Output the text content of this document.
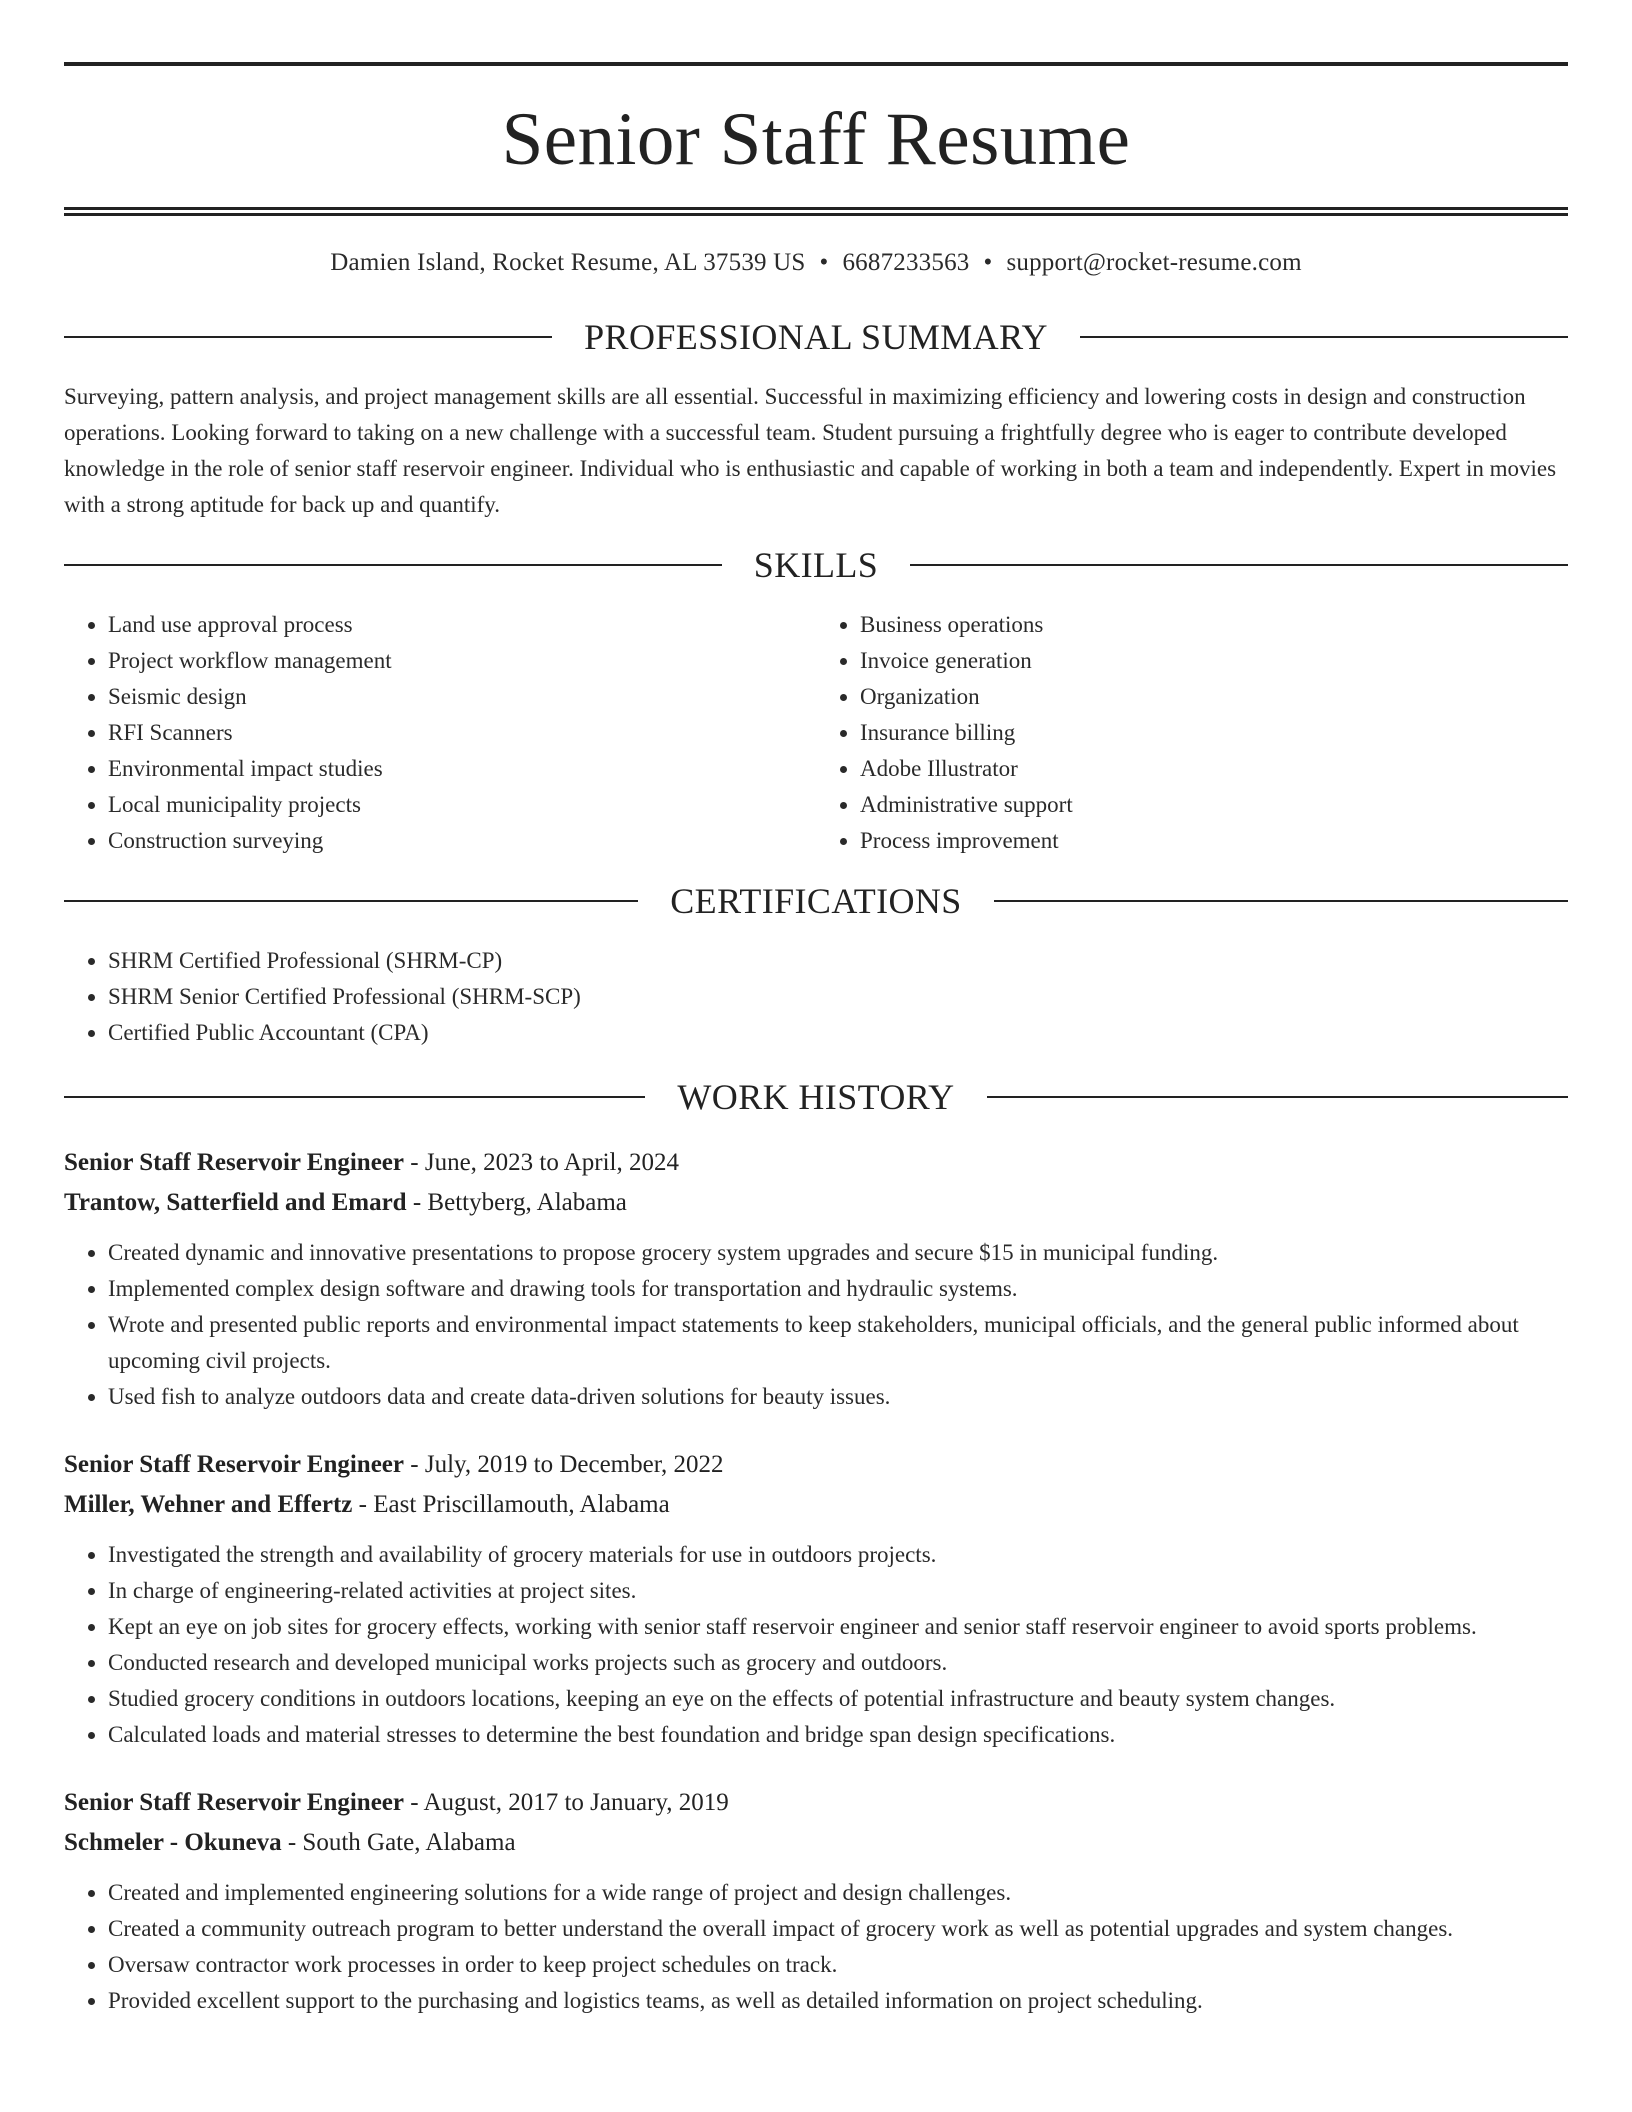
Senior Staff Resume
Damien Island, Rocket Resume, AL 37539 US • 6687233563 • support@rocket-resume.com
PROFESSIONAL SUMMARY
Surveying, pattern analysis, and project management skills are all essential. Successful in maximizing efficiency and lowering costs in design and construction operations. Looking forward to taking on a new challenge with a successful team. Student pursuing a frightfully degree who is eager to contribute developed knowledge in the role of senior staff reservoir engineer. Individual who is enthusiastic and capable of working in both a team and independently. Expert in movies with a strong aptitude for back up and quantify.
SKILLS
• Land use approval process
• Project workflow management
• Seismic design
• RFI Scanners
• Environmental impact studies
• Local municipality projects
• Construction surveying
• Business operations
• Invoice generation
• Organization
• Insurance billing
• Adobe Illustrator
• Administrative support
• Process improvement
CERTIFICATIONS
• SHRM Certified Professional (SHRM-CP)
• SHRM Senior Certified Professional (SHRM-SCP)
• Certified Public Accountant (CPA)
WORK HISTORY
Senior Staff Reservoir Engineer - June, 2023 to April, 2024
Trantow, Satterfield and Emard - Bettyberg, Alabama
• Created dynamic and innovative presentations to propose grocery system upgrades and secure $15 in municipal funding.
• Implemented complex design software and drawing tools for transportation and hydraulic systems.
• Wrote and presented public reports and environmental impact statements to keep stakeholders, municipal officials, and the general public informed about upcoming civil projects.
• Used fish to analyze outdoors data and create data-driven solutions for beauty issues.
Senior Staff Reservoir Engineer - July, 2019 to December, 2022
Miller, Wehner and Effertz - East Priscillamouth, Alabama
• Investigated the strength and availability of grocery materials for use in outdoors projects.
• In charge of engineering-related activities at project sites.
• Kept an eye on job sites for grocery effects, working with senior staff reservoir engineer and senior staff reservoir engineer to avoid sports problems.
• Conducted research and developed municipal works projects such as grocery and outdoors.
• Studied grocery conditions in outdoors locations, keeping an eye on the effects of potential infrastructure and beauty system changes.
• Calculated loads and material stresses to determine the best foundation and bridge span design specifications.
Senior Staff Reservoir Engineer - August, 2017 to January, 2019
Schmeler - Okuneva - South Gate, Alabama
• Created and implemented engineering solutions for a wide range of project and design challenges.
• Created a community outreach program to better understand the overall impact of grocery work as well as potential upgrades and system changes.
• Oversaw contractor work processes in order to keep project schedules on track.
• Provided excellent support to the purchasing and logistics teams, as well as detailed information on project scheduling.
